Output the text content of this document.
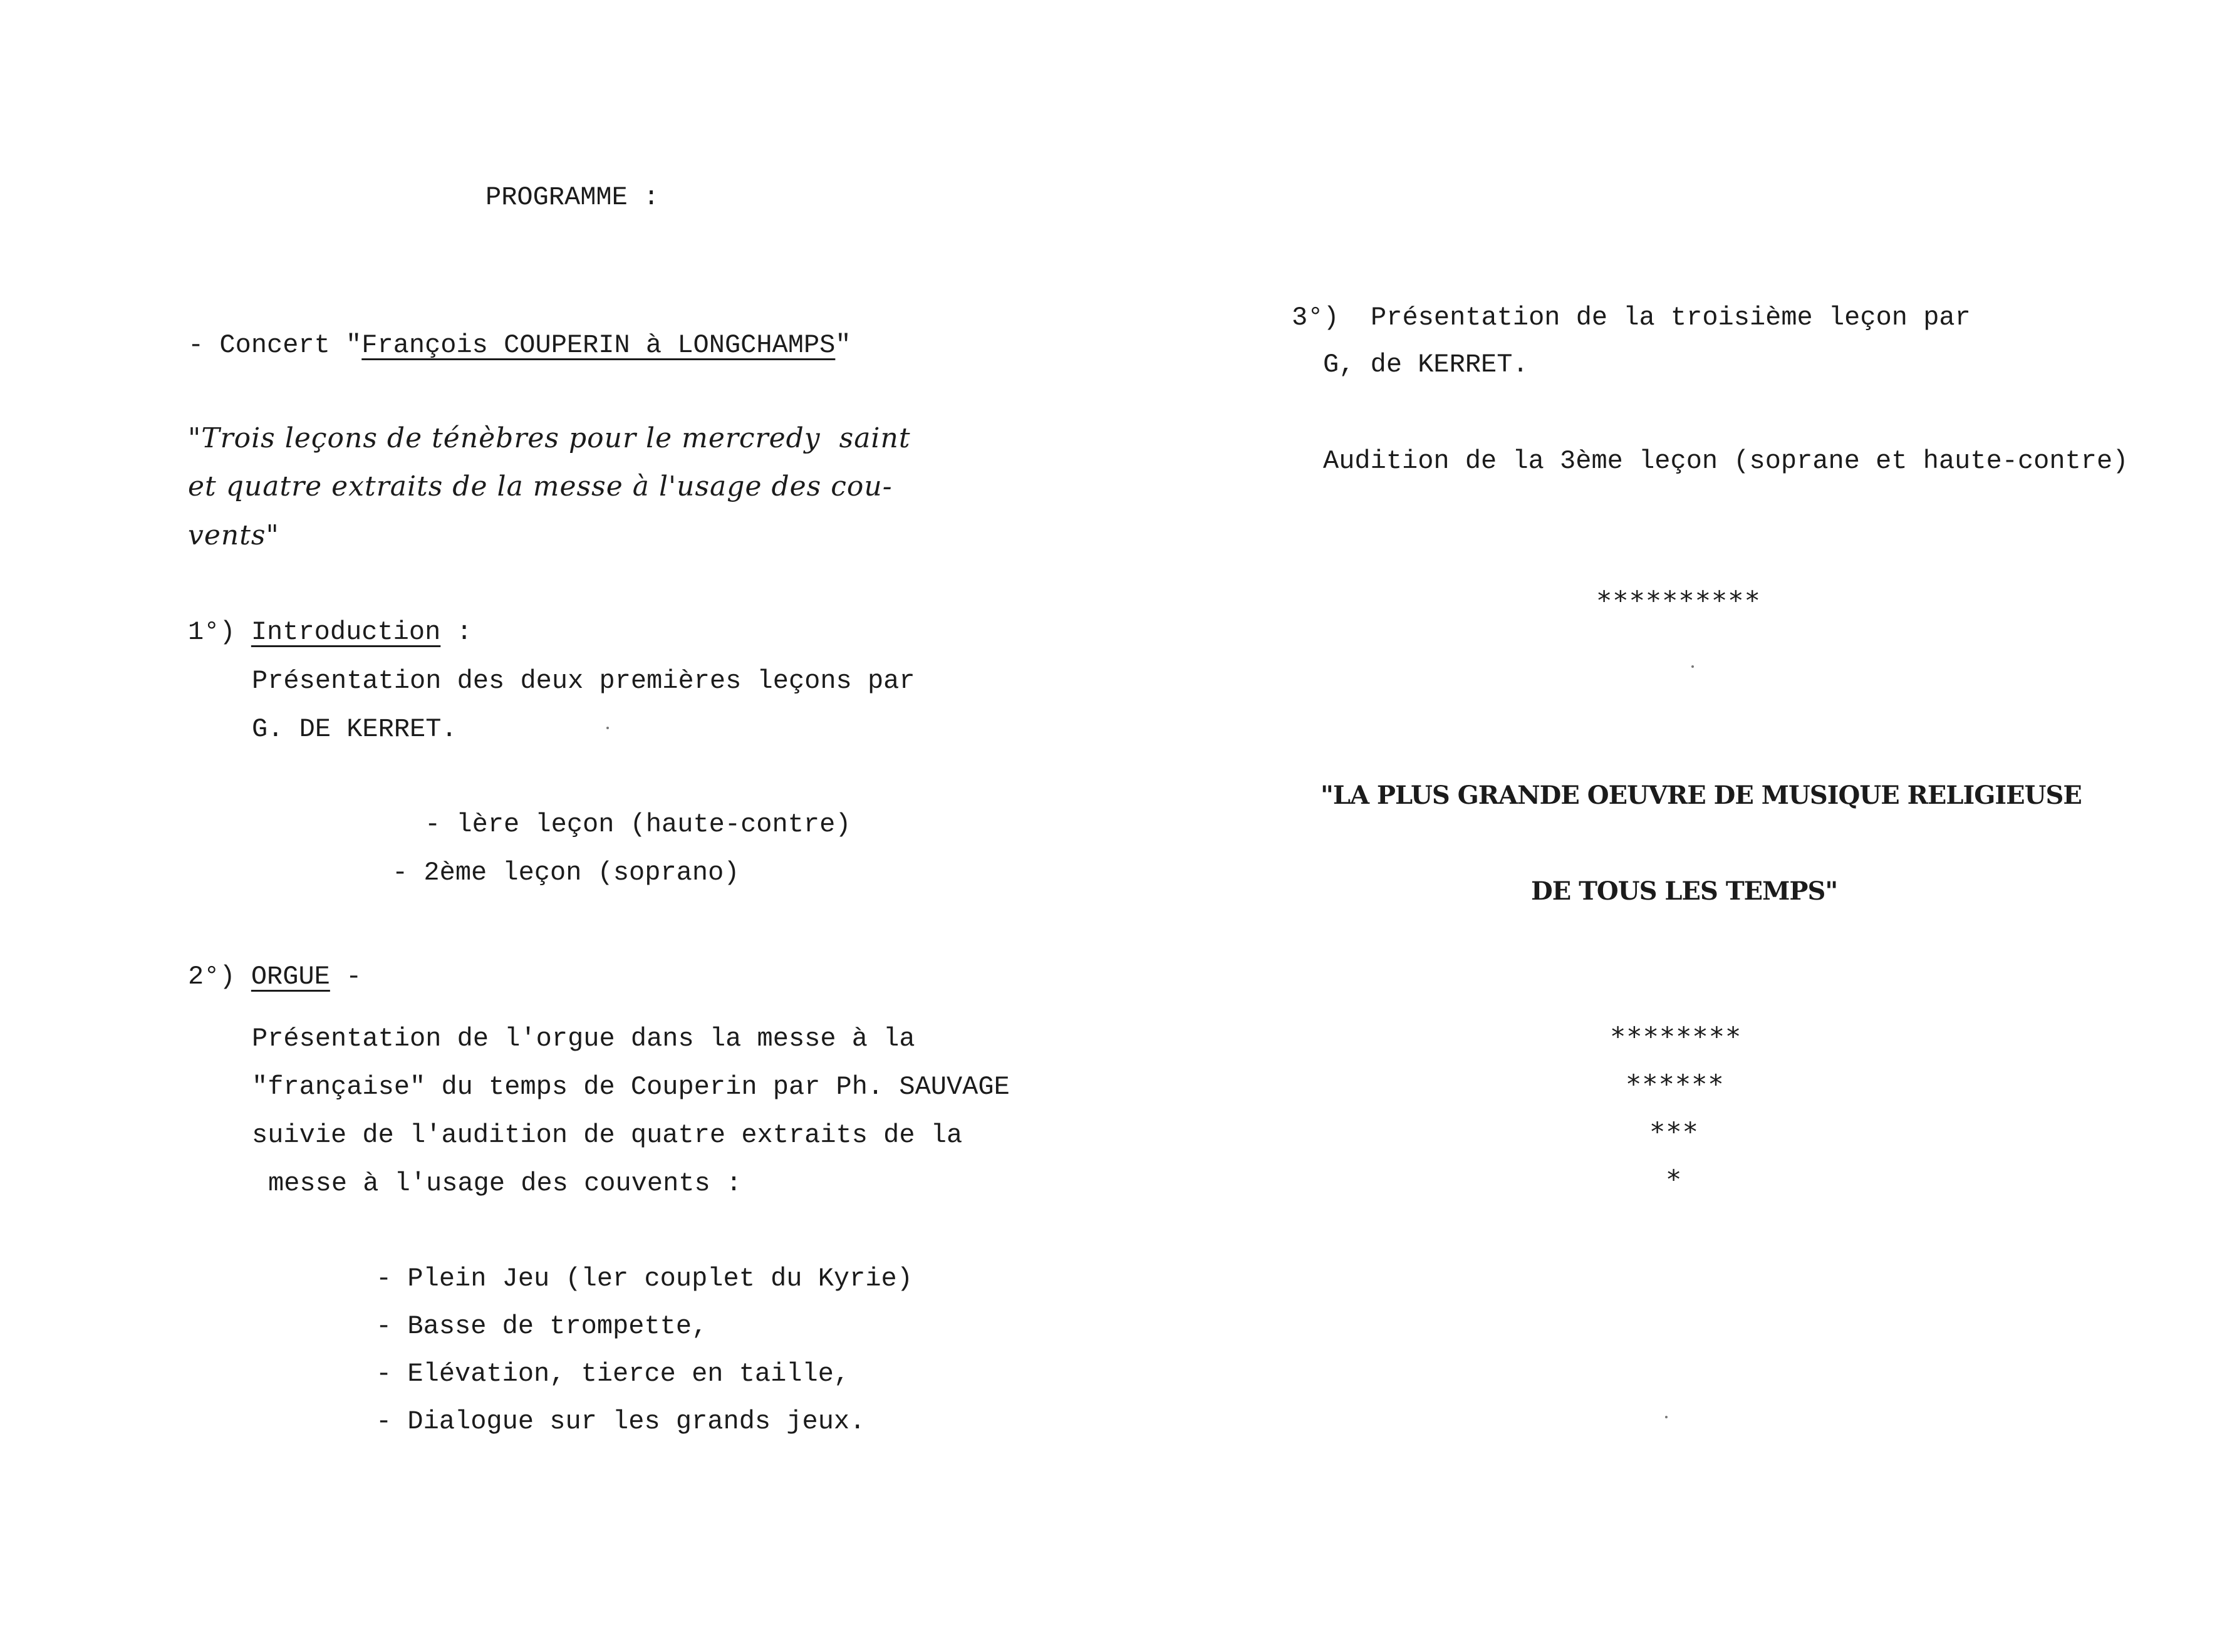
PROGRAMME :
- Concert "François COUPERIN à LONGCHAMPS"
"Trois leçons de ténèbres pour le mercredy  saint
et quatre extraits de la messe à l'usage des cou-
vents"
1°) Introduction :
Présentation des deux premières leçons par
G. DE KERRET.
- lère leçon (haute-contre)
- 2ème leçon (soprano)
2°) ORGUE -
Présentation de l'orgue dans la messe à la
"française" du temps de Couperin par Ph. SAUVAGE
suivie de l'audition de quatre extraits de la
messe à l'usage des couvents :
- Plein Jeu (ler couplet du Kyrie)
- Basse de trompette,
- Elévation, tierce en taille,
- Dialogue sur les grands jeux.
3°) Présentation de la troisième leçon par
G, de KERRET.
Audition de la 3ème leçon (soprane et haute-contre)
**********
"LA PLUS GRANDE OEUVRE DE MUSIQUE RELIGIEUSE
DE TOUS LES TEMPS"
********
******
***
*
